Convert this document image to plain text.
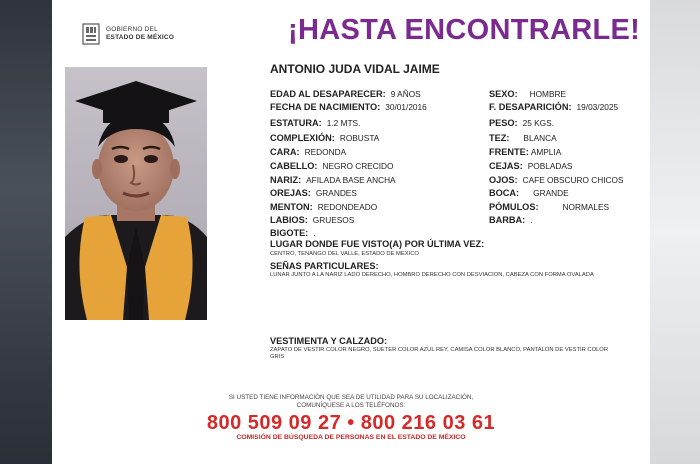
GOBIERNO DEL
ESTADO DE MÉXICO	¡HASTA ENCONTRARLE!
ANTONIO JUDA VIDAL JAIME
EDAD AL DESAPARECER: 9 AÑOS
FECHA DE NACIMIENTO: 30/01/2016
ESTATURA: 1.2 MTS.
COMPLEXIÓN: ROBUSTA
CARA: REDONDA
CABELLO: NEGRO CRECIDO
NARIZ: AFILADA BASE ANCHA
OREJAS: GRANDES
MENTON: REDONDEADO
LABIOS: GRUESOS
BIGOTE: .
SEXO: HOMBRE
F. DESAPARICIÓN: 19/03/2025
PESO: 25 KGS.
TEZ: BLANCA
FRENTE: AMPLIA
CEJAS: POBLADAS
OJOS: CAFE OBSCURO CHICOS
BOCA: GRANDE
PÓMULOS:	NORMALES
BARBA: .
LUGAR DONDE FUE VISTO(A) POR ÚLTIMA VEZ:
CENTRO, TENANGO DEL VALLE, ESTADO DE MEXICO
SEÑAS PARTICULARES:
LUNAR JUNTO A LA NARIZ LADO DERECHO, HOMBRO DERECHO CON DESVIACION, CABEZA CON FORMA OVALADA
VESTIMENTA Y CALZADO:
ZAPATO DE VESTIR COLOR NEGRO, SUETER COLOR AZUL REY, CAMISA COLOR BLANCO, PANTALON DE VESTIR COLOR GRIS
SI USTED TIENE INFORMACIÓN QUE SEA DE UTILIDAD PARA SU LOCALIZACIÓN,
COMUNÍQUESE A LOS TELÉFONOS:
800 509 09 27 • 800 216 03 61
COMISIÓN DE BÚSQUEDA DE PERSONAS EN EL ESTADO DE MÉXICO
